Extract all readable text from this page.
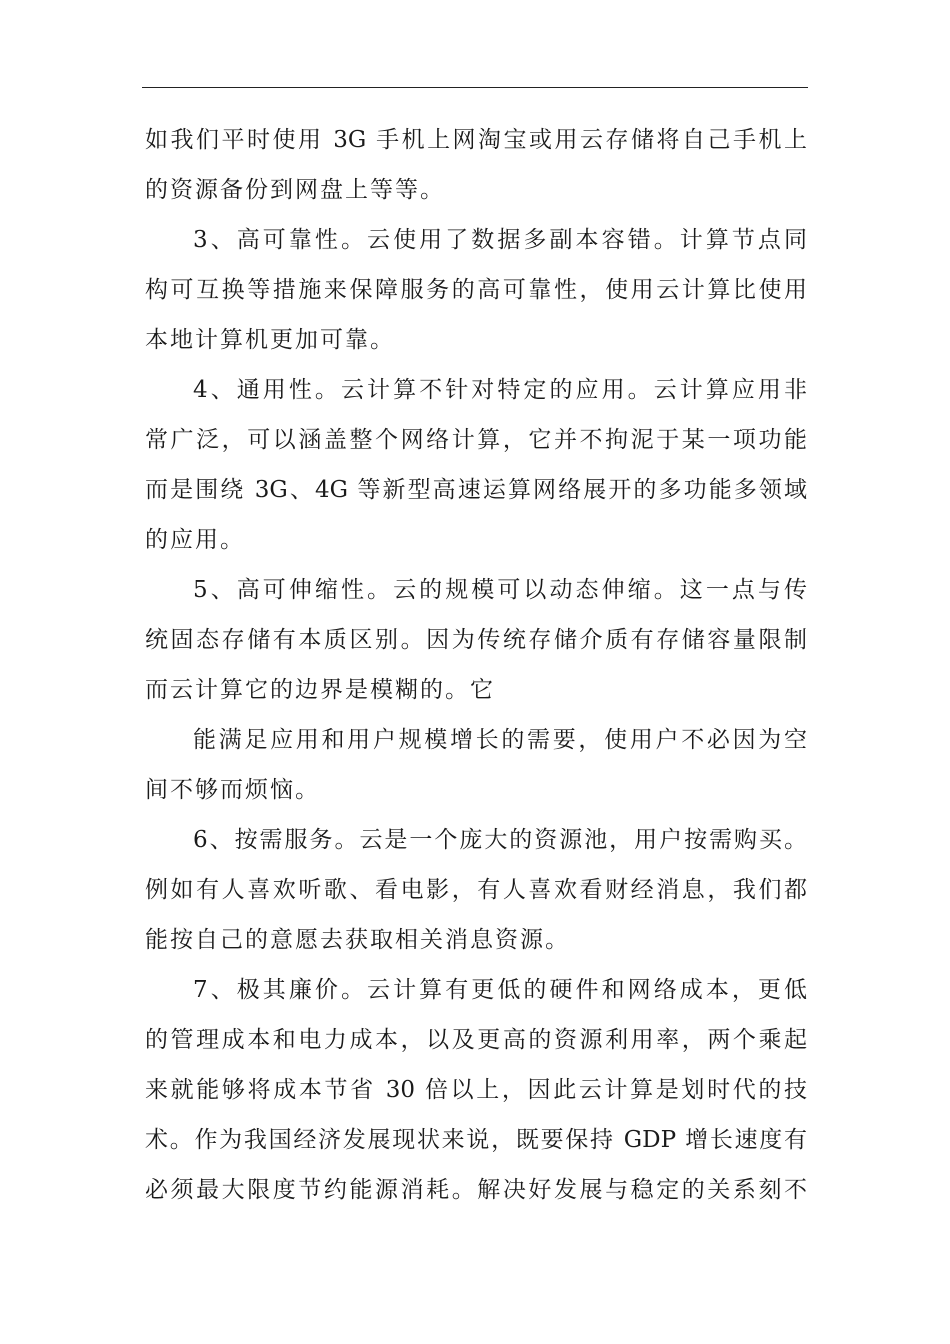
如我们平时使用 3G 手机上网淘宝或用云存储将自己手机上
的资源备份到网盘上等等。
3、高可靠性。云使用了数据多副本容错。计算节点同
构可互换等措施来保障服务的高可靠性，使用云计算比使用
本地计算机更加可靠。
4、通用性。云计算不针对特定的应用。云计算应用非
常广泛，可以涵盖整个网络计算，它并不拘泥于某一项功能
而是围绕 3G、4G 等新型高速运算网络展开的多功能多领域
的应用。
5、高可伸缩性。云的规模可以动态伸缩。这一点与传
统固态存储有本质区别。因为传统存储介质有存储容量限制
而云计算它的边界是模糊的。它
能满足应用和用户规模增长的需要，使用户不必因为空
间不够而烦恼。
6、按需服务。云是一个庞大的资源池，用户按需购买。
例如有人喜欢听歌、看电影，有人喜欢看财经消息，我们都
能按自己的意愿去获取相关消息资源。
7、极其廉价。云计算有更低的硬件和网络成本，更低
的管理成本和电力成本，以及更高的资源利用率，两个乘起
来就能够将成本节省 30 倍以上，因此云计算是划时代的技
术。作为我国经济发展现状来说，既要保持 GDP 增长速度有
必须最大限度节约能源消耗。解决好发展与稳定的关系刻不
